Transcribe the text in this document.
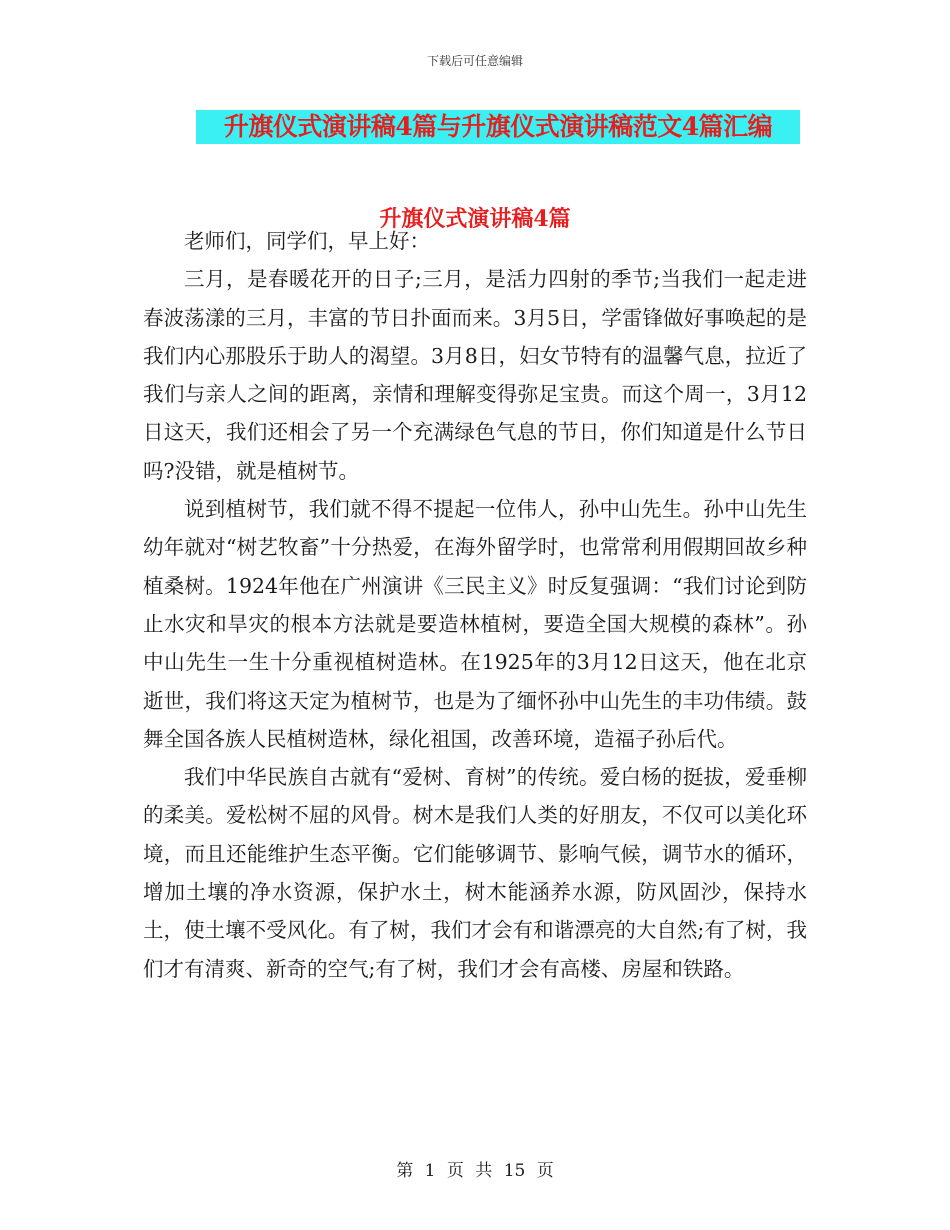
下载后可任意编辑
升旗仪式演讲稿4篇与升旗仪式演讲稿范文4篇汇编
升旗仪式演讲稿4篇

老师们，同学们，早上好：

三月，是春暖花开的日子;三月，是活力四射的季节;当我们一起走进春波荡漾的三月，丰富的节日扑面而来。3月5日，学雷锋做好事唤起的是我们内心那股乐于助人的渴望。3月8日，妇女节特有的温馨气息，拉近了我们与亲人之间的距离，亲情和理解变得弥足宝贵。而这个周一，3月12日这天，我们还相会了另一个充满绿色气息的节日，你们知道是什么节日吗?没错，就是植树节。

说到植树节，我们就不得不提起一位伟人，孙中山先生。孙中山先生幼年就对“树艺牧畜”十分热爱，在海外留学时，也常常利用假期回故乡种植桑树。1924年他在广州演讲《三民主义》时反复强调：“我们讨论到防止水灾和旱灾的根本方法就是要造林植树，要造全国大规模的森林”。孙中山先生一生十分重视植树造林。在1925年的3月12日这天，他在北京逝世，我们将这天定为植树节，也是为了缅怀孙中山先生的丰功伟绩。鼓舞全国各族人民植树造林，绿化祖国，改善环境，造福子孙后代。

我们中华民族自古就有“爱树、育树”的传统。爱白杨的挺拔，爱垂柳的柔美。爱松树不屈的风骨。树木是我们人类的好朋友，不仅可以美化环境，而且还能维护生态平衡。它们能够调节、影响气候，调节水的循环，增加土壤的净水资源，保护水土，树木能涵养水源，防风固沙，保持水土，使土壤不受风化。有了树，我们才会有和谐漂亮的大自然;有了树，我们才有清爽、新奇的空气;有了树，我们才会有高楼、房屋和铁路。

第 1 页 共 15 页
